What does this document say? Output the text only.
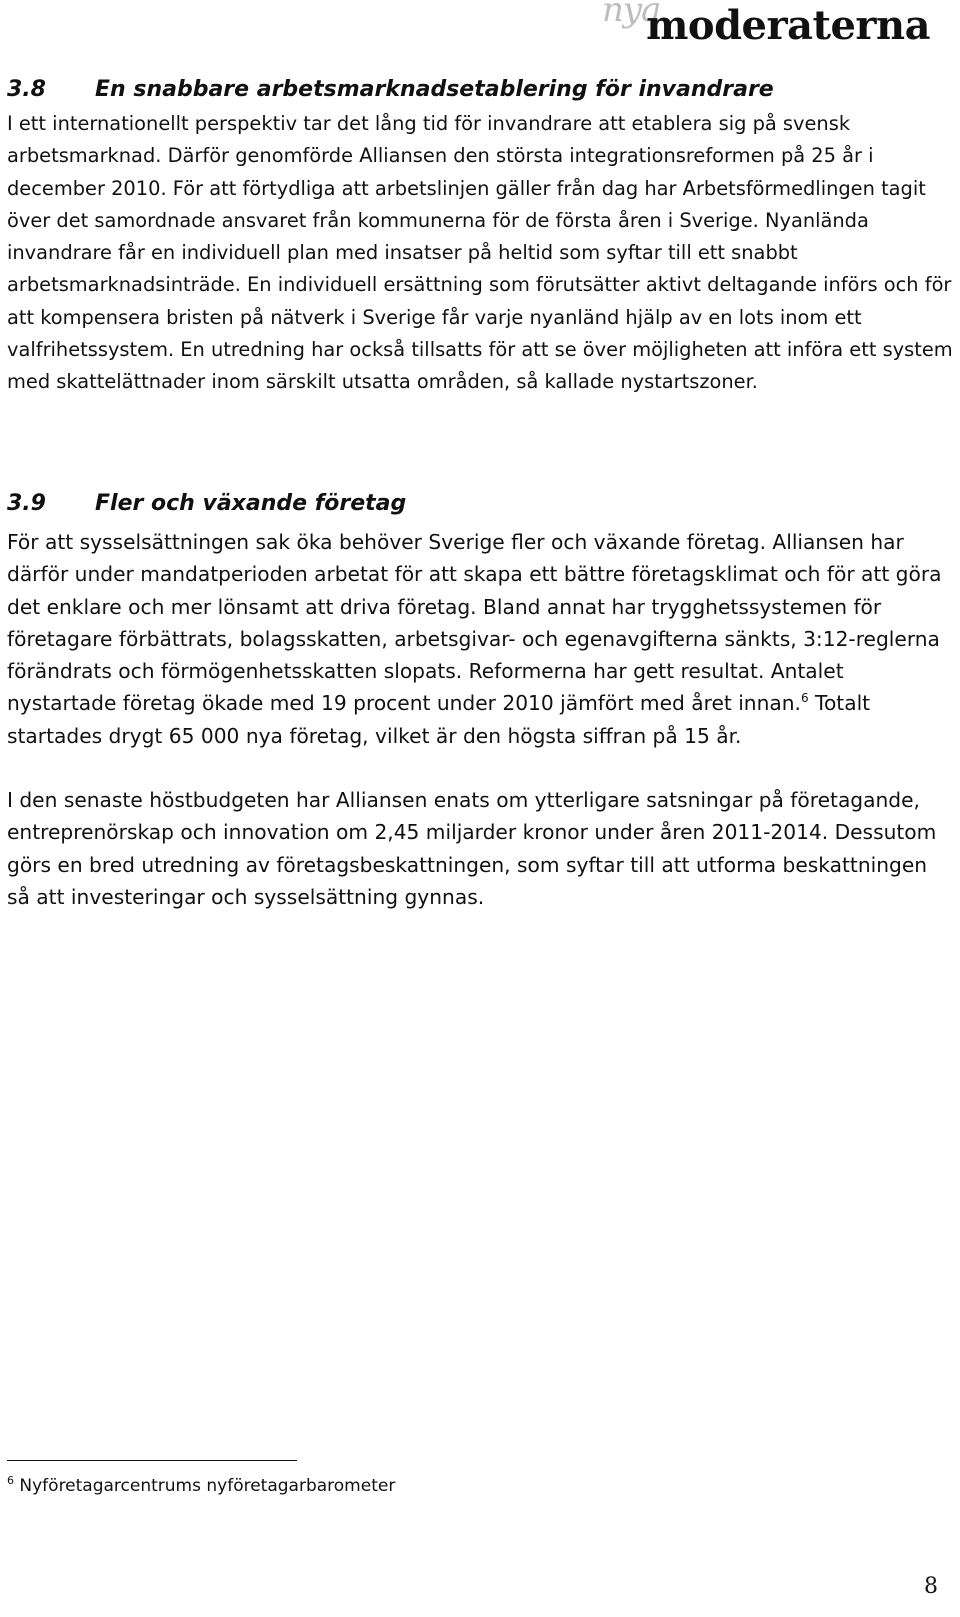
nya
moderaterna
3.8 En snabbare arbetsmarknadsetablering för invandrare

I ett internationellt perspektiv tar det lång tid för invandrare att etablera sig på svensk arbetsmarknad. Därför genomförde Alliansen den största integrationsreformen på 25 år i december 2010. För att förtydliga att arbetslinjen gäller från dag har Arbetsförmedlingen tagit över det samordnade ansvaret från kommunerna för de första åren i Sverige. Nyanlända invandrare får en individuell plan med insatser på heltid som syftar till ett snabbt arbetsmarknadsinträde. En individuell ersättning som förutsätter aktivt deltagande införs och för att kompensera bristen på nätverk i Sverige får varje nyanländ hjälp av en lots inom ett valfrihetssystem. En utredning har också tillsatts för att se över möjligheten att införa ett system med skattelättnader inom särskilt utsatta områden, så kallade nystartszoner.

3.9 Fler och växande företag

För att sysselsättningen sak öka behöver Sverige fler och växande företag. Alliansen har därför under mandatperioden arbetat för att skapa ett bättre företagsklimat och för att göra det enklare och mer lönsamt att driva företag. Bland annat har trygghetssystemen för företagare förbättrats, bolagsskatten, arbetsgivar- och egenavgifterna sänkts, 3:12-reglerna förändrats och förmögenhetsskatten slopats. Reformerna har gett resultat. Antalet nystartade företag ökade med 19 procent under 2010 jämfört med året innan.$^6$ Totalt startades drygt 65 000 nya företag, vilket är den högsta siffran på 15 år.

I den senaste höstbudgeten har Alliansen enats om ytterligare satsningar på företagande, entreprenörskap och innovation om 2,45 miljarder kronor under åren 2011-2014. Dessutom görs en bred utredning av företagsbeskattningen, som syftar till att utforma beskattningen så att investeringar och sysselsättning gynnas.

$^6$ Nyföretagarcentrums nyföretagarbarometer
8
